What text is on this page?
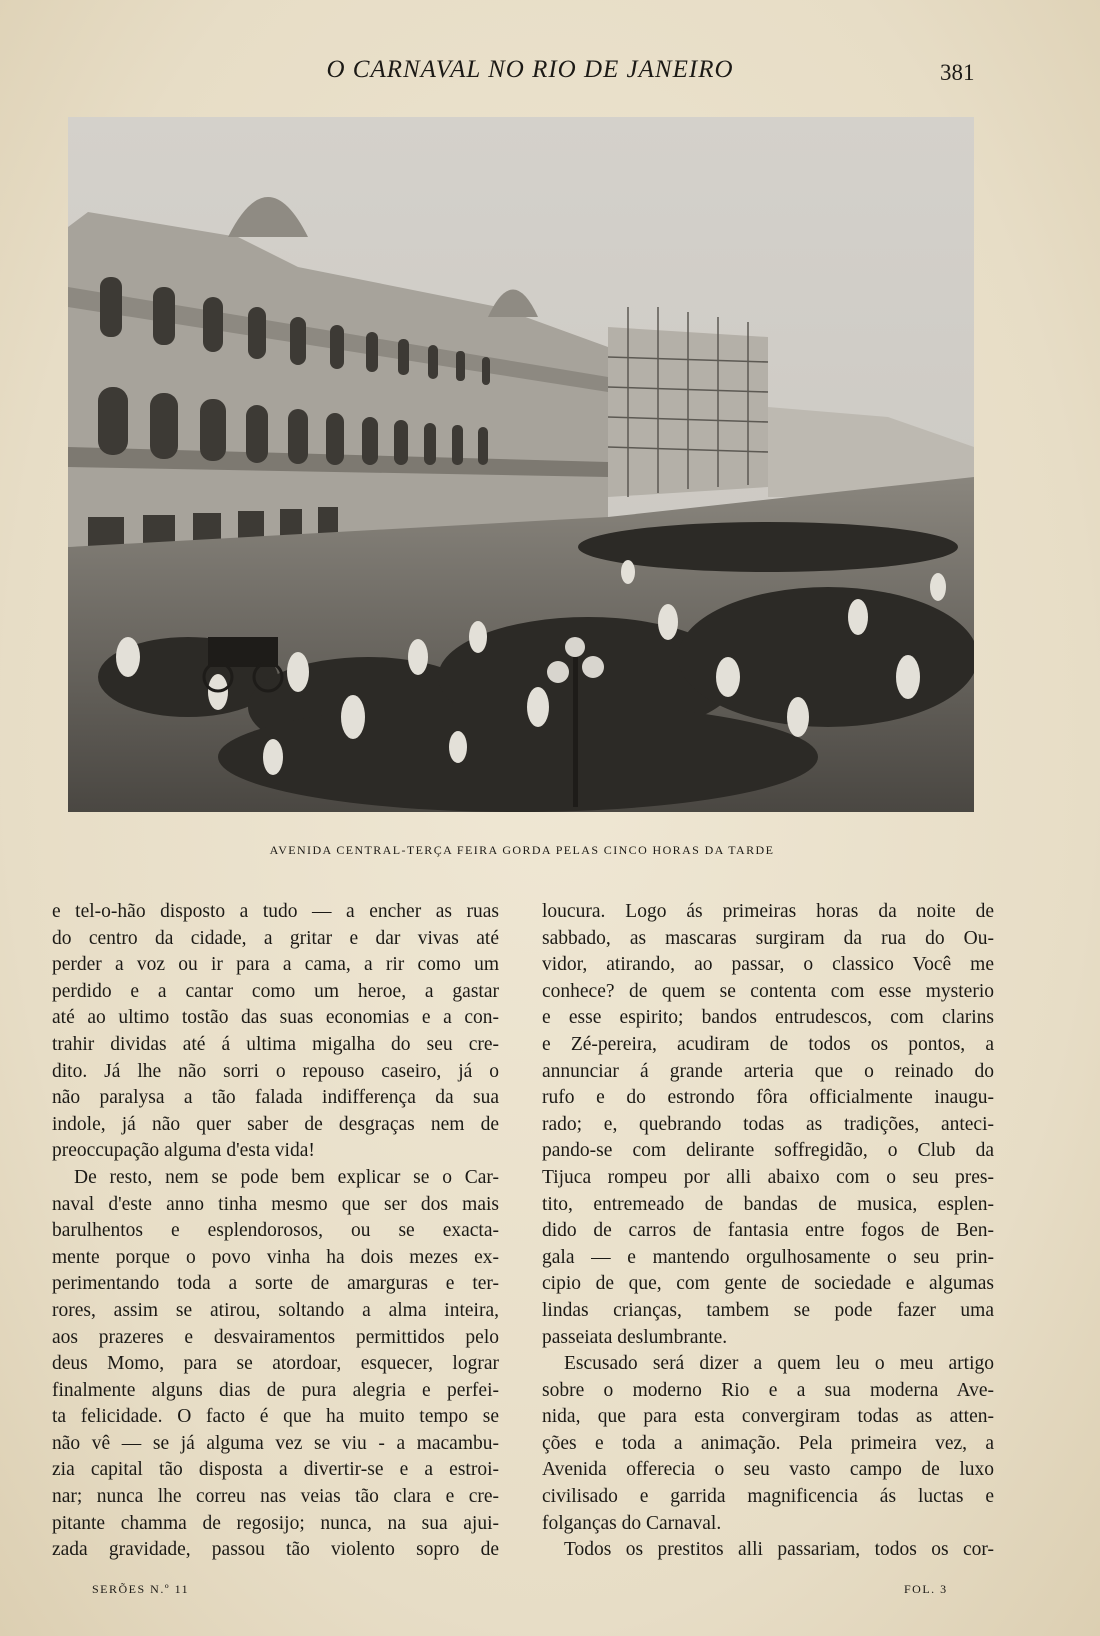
O CARNAVAL NO RIO DE JANEIRO	381
AVENIDA CENTRAL-TERÇA FEIRA GORDA PELAS CINCO HORAS DA TARDE
e tel-o-hão disposto a tudo — a encher as ruas
do centro da cidade, a gritar e dar vivas até
perder a voz ou ir para a cama, a rir como um
perdido e a cantar como um heroe, a gastar
até ao ultimo tostão das suas economias e a con-
trahir dividas até á ultima migalha do seu cre-
dito. Já lhe não sorri o repouso caseiro, já o
não paralysa a tão falada indifferença da sua
indole, já não quer saber de desgraças nem de
preoccupação alguma d'esta vida!
De resto, nem se pode bem explicar se o Car-
naval d'este anno tinha mesmo que ser dos mais
barulhentos e esplendorosos, ou se exacta-
mente porque o povo vinha ha dois mezes ex-
perimentando toda a sorte de amarguras e ter-
rores, assim se atirou, soltando a alma inteira,
aos prazeres e desvairamentos permittidos pelo
deus Momo, para se atordoar, esquecer, lograr
finalmente alguns dias de pura alegria e perfei-
ta felicidade. O facto é que ha muito tempo se
não vê — se já alguma vez se viu - a macambu-
zia capital tão disposta a divertir-se e a estroi-
nar; nunca lhe correu nas veias tão clara e cre-
pitante chamma de regosijo; nunca, na sua ajui-
zada gravidade, passou tão violento sopro de
loucura. Logo ás primeiras horas da noite de
sabbado, as mascaras surgiram da rua do Ou-
vidor, atirando, ao passar, o classico Você me
conhece? de quem se contenta com esse mysterio
e esse espirito; bandos entrudescos, com clarins
e Zé-pereira, acudiram de todos os pontos, a
annunciar á grande arteria que o reinado do
rufo e do estrondo fôra officialmente inaugu-
rado; e, quebrando todas as tradições, anteci-
pando-se com delirante soffregidão, o Club da
Tijuca rompeu por alli abaixo com o seu pres-
tito, entremeado de bandas de musica, esplen-
dido de carros de fantasia entre fogos de Ben-
gala — e mantendo orgulhosamente o seu prin-
cipio de que, com gente de sociedade e algumas
lindas crianças, tambem se pode fazer uma
passeiata deslumbrante.
Escusado será dizer a quem leu o meu artigo
sobre o moderno Rio e a sua moderna Ave-
nida, que para esta convergiram todas as atten-
ções e toda a animação. Pela primeira vez, a
Avenida offerecia o seu vasto campo de luxo
civilisado e garrida magnificencia ás luctas e
folganças do Carnaval.
Todos os prestitos alli passariam, todos os cor-
SERÕES N.º 11	FOL. 3
